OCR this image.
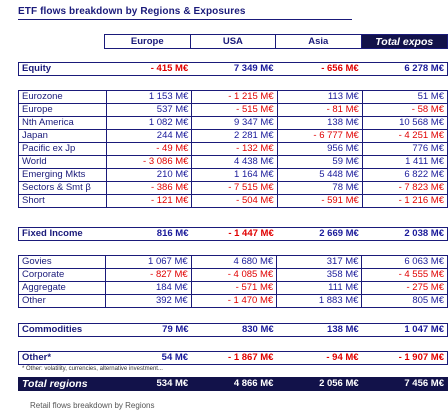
ETF flows breakdown by Regions & Exposures
	Europe	USA	Asia	Total expos
Equity	- 415 M€	7 349 M€	- 656 M€	6 278 M€
Eurozone	1 153 M€	- 1 215 M€	113 M€	51 M€
Europe	537 M€	- 515 M€	- 81 M€	- 58 M€
Nth America	1 082 M€	9 347 M€	138 M€	10 568 M€
Japan	244 M€	2 281 M€	- 6 777 M€	- 4 251 M€
Pacific ex Jp	- 49 M€	- 132 M€	956 M€	776 M€
World	- 3 086 M€	4 438 M€	59 M€	1 411 M€
Emerging Mkts	210 M€	1 164 M€	5 448 M€	6 822 M€
Sectors & Smt β	- 386 M€	- 7 515 M€	78 M€	- 7 823 M€
Short	- 121 M€	- 504 M€	- 591 M€	- 1 216 M€
Fixed Income	816 M€	- 1 447 M€	2 669 M€	2 038 M€
Govies	1 067 M€	4 680 M€	317 M€	6 063 M€
Corporate	- 827 M€	- 4 085 M€	358 M€	- 4 555 M€
Aggregate	184 M€	- 571 M€	111 M€	- 275 M€
Other	392 M€	- 1 470 M€	1 883 M€	805 M€
Commodities	79 M€	830 M€	138 M€	1 047 M€
Other*	54 M€	- 1 867 M€	- 94 M€	- 1 907 M€
* Other: volatility, currencies, alternative investment...
Total regions	534 M€	4 866 M€	2 056 M€	7 456 M€
Retail flows breakdown by Regions
